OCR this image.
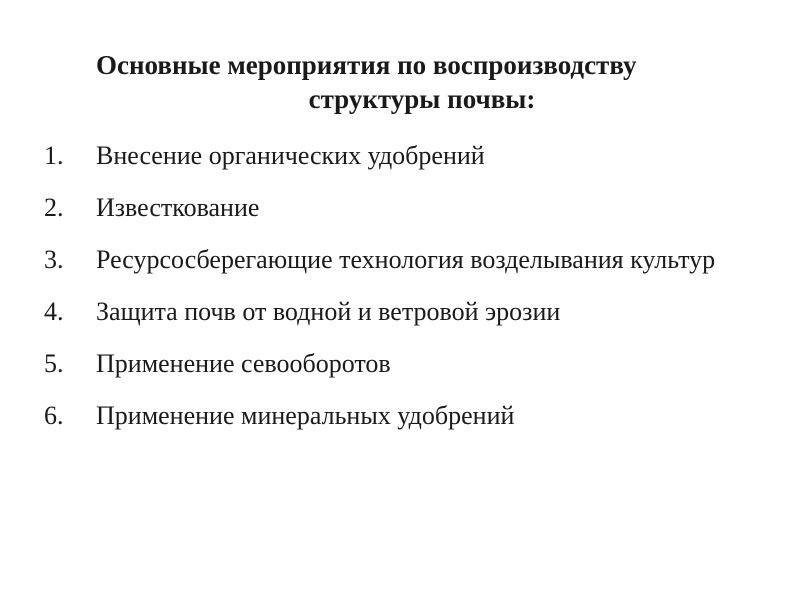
Основные мероприятия по воспроизводству
структуры почвы:
1.	Внесение органических удобрений
2.	Известкование
3.	Ресурсосберегающие технология возделывания культур
4.	Защита почв от водной и ветровой эрозии
5.	Применение севооборотов
6.	Применение минеральных удобрений
